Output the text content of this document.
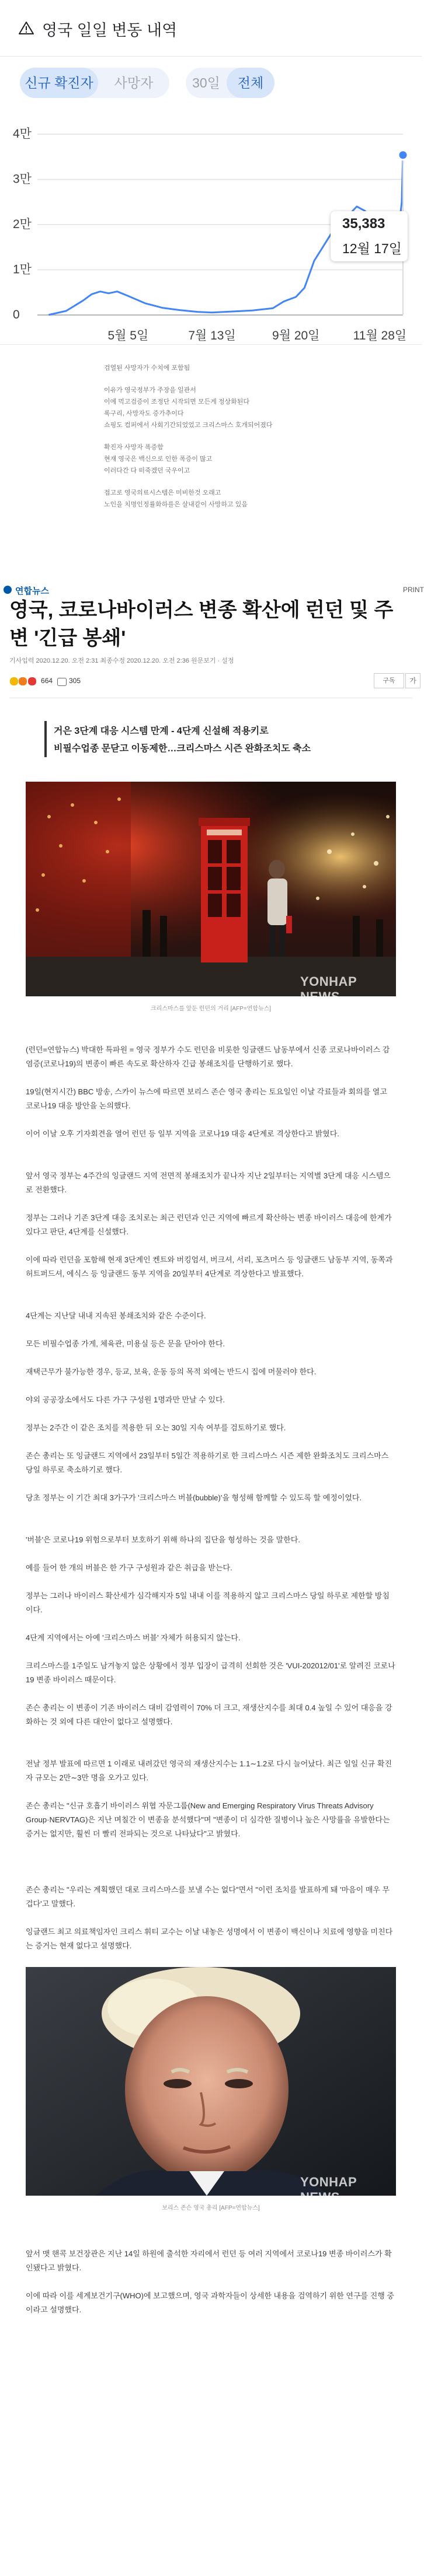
영국 일일 변동 내역
신규 확진자	사망자	30일	전체
0
1만
2만
3만
4만
5월 5일	7월 13일	9월 20일	11월 28일
35,383
12월 17일
검열된 사망자가 수치에 포함됨
이유가 영국정부가 주장을 일관서
이에 먹고검증이 조정단 시작되면 모든게 정상화된다
록구리, 사망자도 증가추이다
쇼핑도 컴퍼에서 사회기간되었었고 크리스마스 호개되어졌다
확진자 사망자 폭증함
현재 영국은 백신으로 인한 폭증이 많고
이러다간 다 떠죽겠던 국우이고
접고로 영국의료시스템은 미비한것 오래고
노인을 치명인정률화하를은 살내같이 사망하고 있음
연합뉴스	PRINT
영국, 코로나바이러스 변종 확산에 런던 및 주변 '긴급 봉쇄'
기사입력 2020.12.20. 오전 2:31 최종수정 2020.12.20. 오전 2:36 원문보기 · 설정
664 305	구독	가
거은 3단계 대응 시스템 만계 - 4단계 신설해 적용키로
비필수업종 문닫고 이동제한…크리스마스 시즌 완화조치도 축소
YONHAP NEWS
크리스마스를 앞둔 런던의 거리 [AFP=연합뉴스]

(런던=연합뉴스) 박대한 특파원 = 영국 정부가 수도 런던을 비롯한 잉글랜드 남동부에서 신종 코로나바이러스 감염증(코로나19)의 변종이 빠른 속도로 확산하자 긴급 봉쇄조치를 단행하기로 했다.

19일(현지시간) BBC 방송, 스카이 뉴스에 따르면 보리스 존슨 영국 총리는 토요일인 이날 각료들과 회의를 열고 코로나19 대응 방안을 논의했다.

이어 이날 오후 기자회견을 열어 런던 등 일부 지역을 코로나19 대응 4단계로 격상한다고 밝혔다.

앞서 영국 정부는 4주간의 잉글랜드 지역 전면적 봉쇄조치가 끝나자 지난 2일부터는 지역별 3단계 대응 시스템으로 전환했다.

정부는 그러나 기존 3단계 대응 조치로는 최근 런던과 인근 지역에 빠르게 확산하는 변종 바이러스 대응에 한계가 있다고 판단, 4단계를 신설했다.

이에 따라 런던을 포함해 현재 3단계인 켄트와 버킹엄셔, 버크셔, 서리, 포츠머스 등 잉글랜드 남동부 지역, 동쪽과 허트퍼드셔, 에식스 등 잉글랜드 동부 지역을 20일부터 4단계로 격상한다고 발표했다.

4단계는 지난달 내내 지속된 봉쇄조치와 같은 수준이다.

모든 비필수업종 가게, 체육관, 미용실 등은 문을 닫아야 한다.

재택근무가 불가능한 경우, 등교, 보육, 운동 등의 목적 외에는 반드시 집에 머물러야 한다.

야외 공공장소에서도 다른 가구 구성원 1명과만 만날 수 있다.

정부는 2주간 이 같은 조치를 적용한 뒤 오는 30일 지속 여부를 검토하기로 했다.

존슨 총리는 또 잉글랜드 지역에서 23일부터 5일간 적용하기로 한 크리스마스 시즌 제한 완화조치도 크리스마스 당일 하루로 축소하기로 했다.

당초 정부는 이 기간 최대 3가구가 '크리스마스 버블(bubble)'을 형성해 함께할 수 있도록 할 예정이었다.

'버블'은 코로나19 위험으로부터 보호하기 위해 하나의 집단을 형성하는 것을 말한다.

예를 들어 한 개의 버블은 한 가구 구성원과 같은 취급을 받는다.

정부는 그러나 바이러스 확산세가 심각해지자 5일 내내 이를 적용하지 않고 크리스마스 당일 하루로 제한할 방침이다.

4단계 지역에서는 아예 '크리스마스 버블' 자체가 허용되지 않는다.

크리스마스를 1주일도 남겨놓지 않은 상황에서 정부 입장이 급격히 선회한 것은 'VUI-202012/01'로 알려진 코로나19 변종 바이러스 때문이다.

존슨 총리는 이 변종이 기존 바이러스 대비 감염력이 70% 더 크고, 재생산지수를 최대 0.4 높일 수 있어 대응을 강화하는 것 외에 다른 대안이 없다고 설명했다.

전날 정부 발표에 따르면 1 이래로 내려갔던 영국의 재생산지수는 1.1∼1.2로 다시 늘어났다. 최근 일일 신규 확진자 규모는 2만∼3만 명을 오가고 있다.

존슨 총리는 "신규 호흡기 바이러스 위협 자문그룹(New and Emerging Respiratory Virus Threats Advisory Group·NERVTAG)은 지난 며칠간 이 변종을 분석했다"며 "변종이 더 심각한 질병이나 높은 사망률을 유발한다는 증거는 없지만, 훨씬 더 빨리 전파되는 것으로 나타났다"고 밝혔다.

존슨 총리는 "우리는 계획했던 대로 크리스마스를 보낼 수는 없다"면서 "이런 조치를 발표하게 돼 '마음이 매우 무겁다'고 말했다.

잉글랜드 최고 의료책임자인 크리스 휘티 교수는 이날 내놓은 성명에서 이 변종이 백신이나 치료에 영향을 미친다는 증거는 현재 없다고 설명했다.

YONHAP NEWS
보리스 존슨 영국 총리 [AFP=연합뉴스]

앞서 맷 핸콕 보건장관은 지난 14일 하원에 출석한 자리에서 런던 등 여러 지역에서 코로나19 변종 바이러스가 확인됐다고 밝혔다.

이에 따라 이를 세계보건기구(WHO)에 보고했으며, 영국 과학자들이 상세한 내용을 검역하기 위한 연구를 진행 중이라고 설명했다.
